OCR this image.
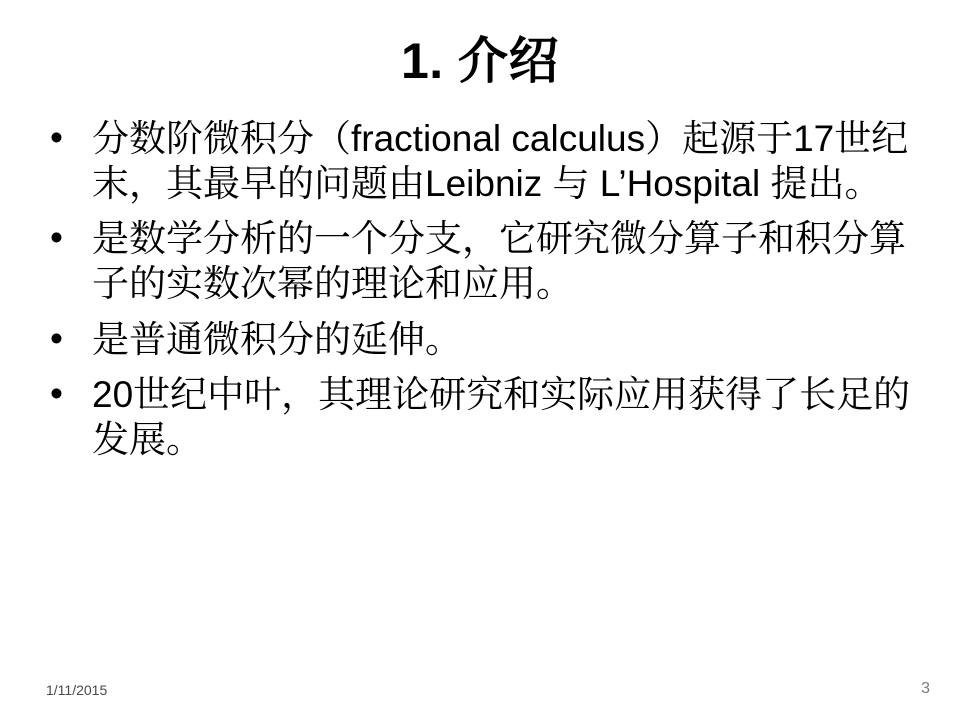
1. 介绍
• 分数阶微积分（fractional calculus）起源于17世纪末，其最早的问题由Leibniz 与 L’Hospital 提出。
• 是数学分析的一个分支，它研究微分算子和积分算子的实数次幂的理论和应用。
• 是普通微积分的延伸。
• 20世纪中叶，其理论研究和实际应用获得了长足的发展。
1/11/2015	3
